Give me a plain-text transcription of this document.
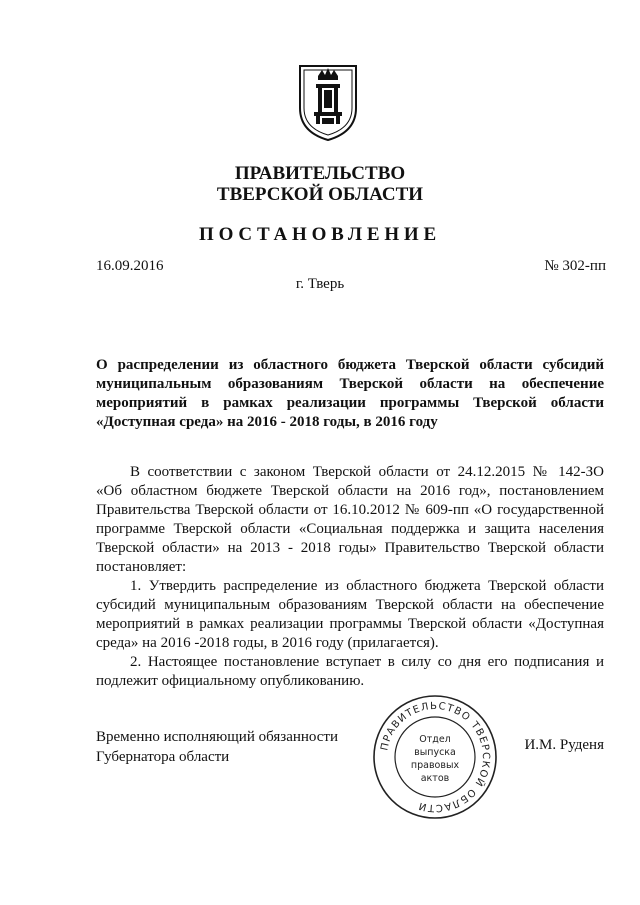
ПРАВИТЕЛЬСТВО
ТВЕРСКОЙ ОБЛАСТИ
ПОСТАНОВЛЕНИЕ
16.09.2016	№ 302-пп
г. Тверь
О распределении из областного бюджета Тверской области субсидий
муниципальным образованиям Тверской области на обеспечение
мероприятий в рамках реализации программы Тверской области
«Доступная среда» на 2016 - 2018 годы, в 2016 году
В соответствии с законом Тверской области от 24.12.2015 № 142-ЗО
«Об областном бюджете Тверской области на 2016 год», постановлением
Правительства Тверской области от 16.10.2012 № 609-пп «О государственной
программе Тверской области «Социальная поддержка и защита населения
Тверской области» на 2013 - 2018 годы» Правительство Тверской области
постановляет:
1. Утвердить распределение из областного бюджета Тверской области
субсидий муниципальным образованиям Тверской области на обеспечение
мероприятий в рамках реализации программы Тверской области «Доступная
среда» на 2016 -2018 годы, в 2016 году (прилагается).
2. Настоящее постановление вступает в силу со дня его подписания и
подлежит официальному опубликованию.
Временно исполняющий обязанности
Губернатора области
И.М. Руденя
ПРАВИТЕЛЬСТВО ТВЕРСКОЙ ОБЛАСТИ
Отдел
выпуска
правовых
актов
